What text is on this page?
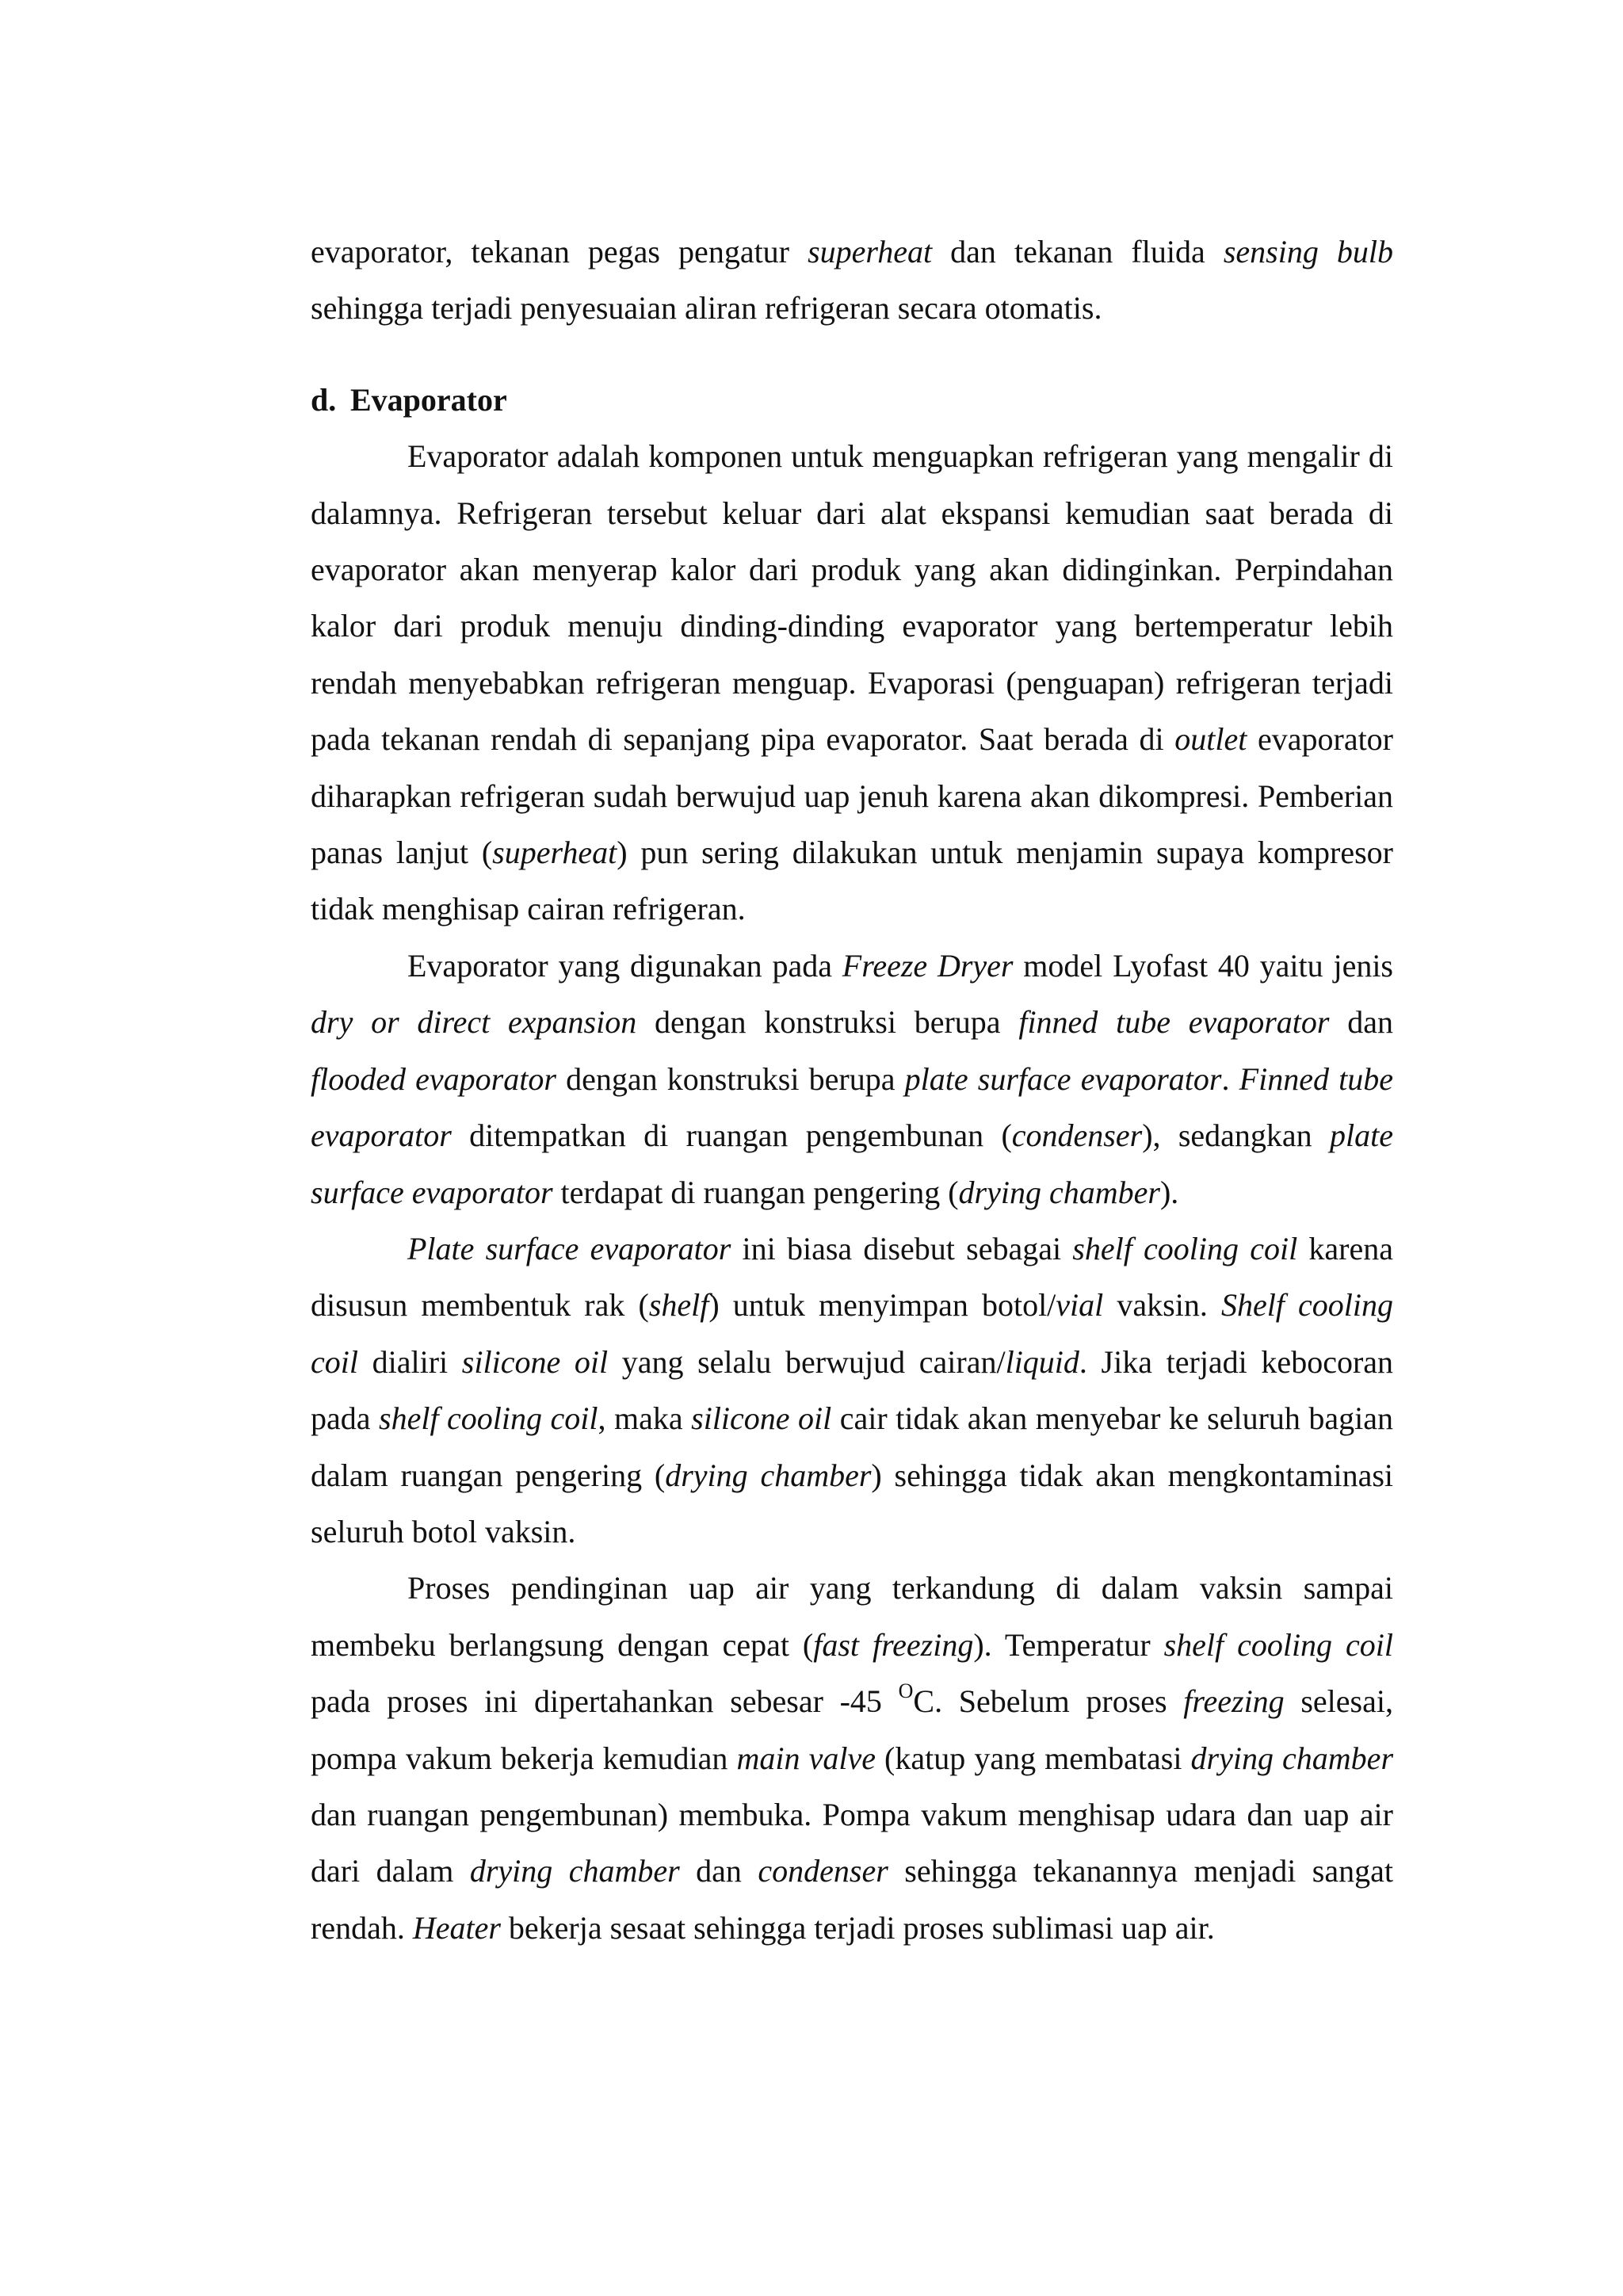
evaporator, tekanan pegas pengatur superheat dan tekanan fluida sensing bulb sehingga terjadi penyesuaian aliran refrigeran secara otomatis.

d. Evaporator

Evaporator adalah komponen untuk menguapkan refrigeran yang mengalir di dalamnya. Refrigeran tersebut keluar dari alat ekspansi kemudian saat berada di evaporator akan menyerap kalor dari produk yang akan didinginkan. Perpindahan kalor dari produk menuju dinding-dinding evaporator yang bertemperatur lebih rendah menyebabkan refrigeran menguap. Evaporasi (penguapan) refrigeran terjadi pada tekanan rendah di sepanjang pipa evaporator. Saat berada di outlet evaporator diharapkan refrigeran sudah berwujud uap jenuh karena akan dikompresi. Pemberian panas lanjut (superheat) pun sering dilakukan untuk menjamin supaya kompresor tidak menghisap cairan refrigeran.

Evaporator yang digunakan pada Freeze Dryer model Lyofast 40 yaitu jenis dry or direct expansion dengan konstruksi berupa finned tube evaporator dan flooded evaporator dengan konstruksi berupa plate surface evaporator. Finned tube evaporator ditempatkan di ruangan pengembunan (condenser), sedangkan plate surface evaporator terdapat di ruangan pengering (drying chamber).

Plate surface evaporator ini biasa disebut sebagai shelf cooling coil karena disusun membentuk rak (shelf) untuk menyimpan botol/vial vaksin. Shelf cooling coil dialiri silicone oil yang selalu berwujud cairan/liquid. Jika terjadi kebocoran pada shelf cooling coil, maka silicone oil cair tidak akan menyebar ke seluruh bagian dalam ruangan pengering (drying chamber) sehingga tidak akan mengkontaminasi seluruh botol vaksin.

Proses pendinginan uap air yang terkandung di dalam vaksin sampai membeku berlangsung dengan cepat (fast freezing). Temperatur shelf cooling coil pada proses ini dipertahankan sebesar -45 $^O$C. Sebelum proses freezing selesai, pompa vakum bekerja kemudian main valve (katup yang membatasi drying chamber dan ruangan pengembunan) membuka. Pompa vakum menghisap udara dan uap air dari dalam drying chamber dan condenser sehingga tekanannya menjadi sangat rendah. Heater bekerja sesaat sehingga terjadi proses sublimasi uap air.
